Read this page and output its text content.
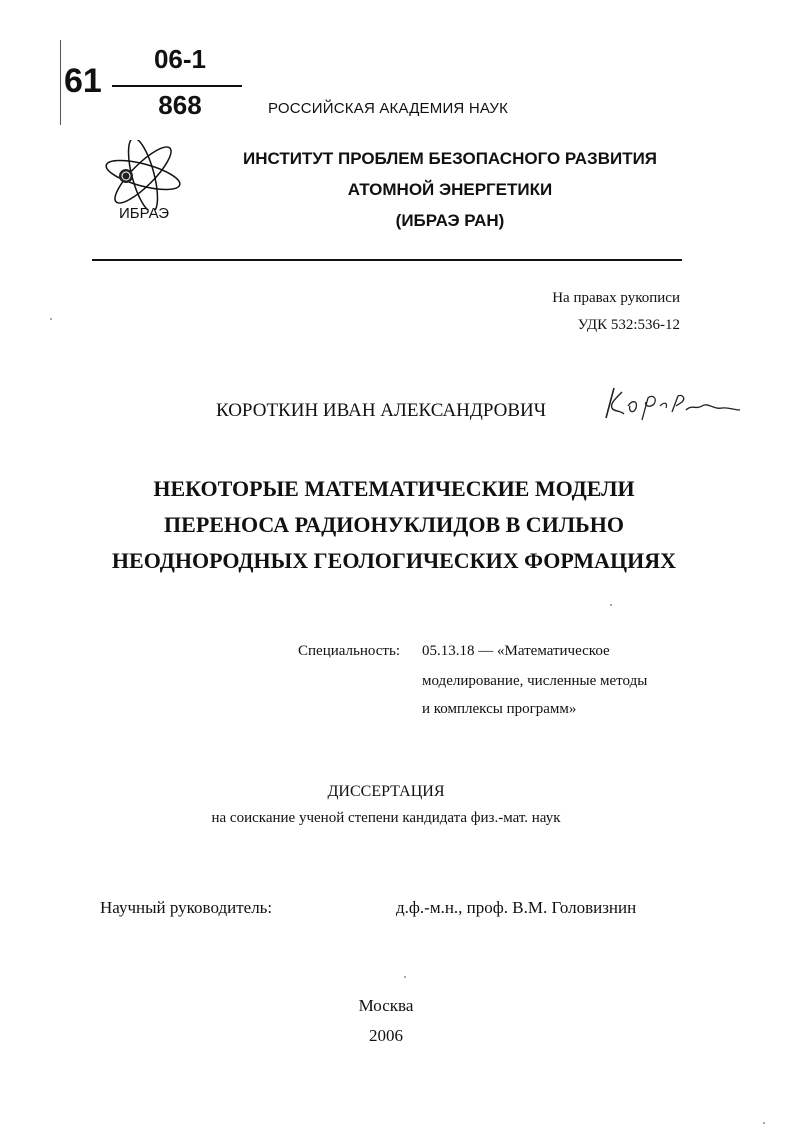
61
06-1
868	РОССИЙСКАЯ АКАДЕМИЯ НАУК
ИБРАЭ
ИНСТИТУТ ПРОБЛЕМ БЕЗОПАСНОГО РАЗВИТИЯ
АТОМНОЙ ЭНЕРГЕТИКИ
(ИБРАЭ РАН)
На правах рукописи
УДК 532:536-12
КОРОТКИН ИВАН АЛЕКСАНДРОВИЧ
НЕКОТОРЫЕ МАТЕМАТИЧЕСКИЕ МОДЕЛИ
ПЕРЕНОСА РАДИОНУКЛИДОВ В СИЛЬНО
НЕОДНОРОДНЫХ ГЕОЛОГИЧЕСКИХ ФОРМАЦИЯХ
Специальность: 05.13.18 — «Математическое
моделирование, численные методы
и комплексы программ»
ДИССЕРТАЦИЯ
на соискание ученой степени кандидата физ.-мат. наук
Научный руководитель:	д.ф.-м.н., проф. В.М. Головизнин
Москва
2006
